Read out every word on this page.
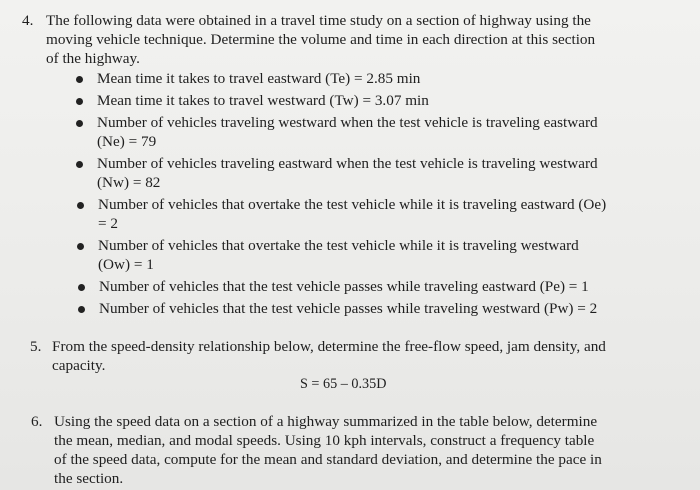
4. The following data were obtained in a travel time study on a section of highway using the
moving vehicle technique. Determine the volume and time in each direction at this section
of the highway.
Mean time it takes to travel eastward (Te) = 2.85 min
Mean time it takes to travel westward (Tw) = 3.07 min
Number of vehicles traveling westward when the test vehicle is traveling eastward
(Ne) = 79
Number of vehicles traveling eastward when the test vehicle is traveling westward
(Nw) = 82
Number of vehicles that overtake the test vehicle while it is traveling eastward (Oe)
= 2
Number of vehicles that overtake the test vehicle while it is traveling westward
(Ow) = 1
Number of vehicles that the test vehicle passes while traveling eastward (Pe) = 1
Number of vehicles that the test vehicle passes while traveling westward (Pw) = 2
5. From the speed-density relationship below, determine the free-flow speed, jam density, and
capacity.
S = 65 – 0.35D
6. Using the speed data on a section of a highway summarized in the table below, determine
the mean, median, and modal speeds. Using 10 kph intervals, construct a frequency table
of the speed data, compute for the mean and standard deviation, and determine the pace in
the section.
